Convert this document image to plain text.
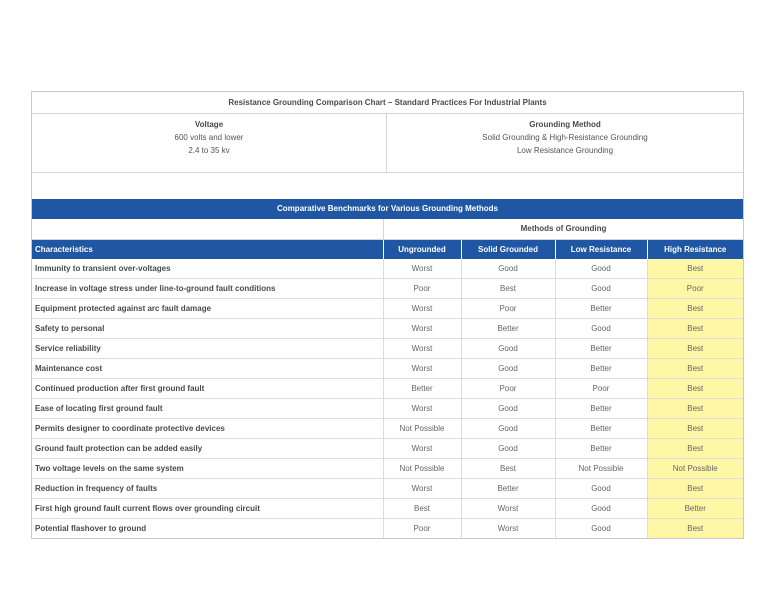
Resistance Grounding Comparison Chart – Standard Practices For Industrial Plants
Voltage
600 volts and lower
2.4 to 35 kv
Grounding Method
Solid Grounding & High-Resistance Grounding
Low Resistance Grounding
Comparative Benchmarks for Various Grounding Methods
Methods of Grounding
Characteristics	Ungrounded	Solid Grounded	Low Resistance	High Resistance
Immunity to transient over-voltages	Worst	Good	Good	Best
Increase in voltage stress under line-to-ground fault conditions	Poor	Best	Good	Poor
Equipment protected against arc fault damage	Worst	Poor	Better	Best
Safety to personal	Worst	Better	Good	Best
Service reliability	Worst	Good	Better	Best
Maintenance cost	Worst	Good	Better	Best
Continued production after first ground fault	Better	Poor	Poor	Best
Ease of locating first ground fault	Worst	Good	Better	Best
Permits designer to coordinate protective devices	Not Possible	Good	Better	Best
Ground fault protection can be added easily	Worst	Good	Better	Best
Two voltage levels on the same system	Not Possible	Best	Not Possible	Not Possible
Reduction in frequency of faults	Worst	Better	Good	Best
First high ground fault current flows over grounding circuit	Best	Worst	Good	Better
Potential flashover to ground	Poor	Worst	Good	Best
